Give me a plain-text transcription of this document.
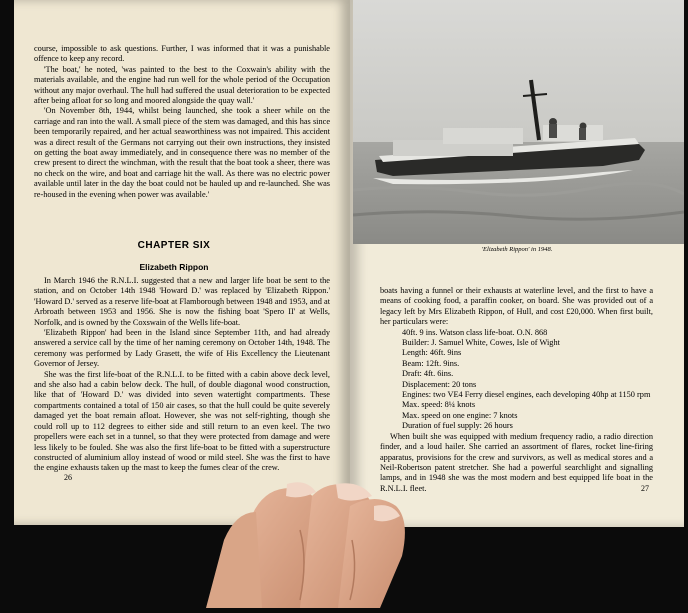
course, impossible to ask questions. Further, I was informed that it was a punishable offence to keep any record.

'The boat,' he noted, 'was painted to the best to the Coxwain's ability with the materials available, and the engine had run well for the whole period of the Occupation without any major overhaul. The hull had suffered the usual deterioration to be expected after being afloat for so long and moored alongside the quay wall.'

'On November 8th, 1944, whilst being launched, she took a sheer while on the carriage and ran into the wall. A small piece of the stem was damaged, and this has since been temporarily repaired, and her actual seaworthiness was not impaired. This accident was a direct result of the Germans not carrying out their own instructions, they insisted on getting the boat away immediately, and in consequence there was no member of the crew present to direct the winchman, with the result that the boat took a sheer, there was no check on the wire, and boat and carriage hit the wall. As there was no electric power available until later in the day the boat could not be hauled up and re-launched. She was re-housed in the evening when power was available.'

CHAPTER SIX
Elizabeth Rippon

In March 1946 the R.N.L.I. suggested that a new and larger life boat be sent to the station, and on October 14th 1948 'Howard D.' was replaced by 'Elizabeth Rippon.' 'Howard D.' served as a reserve life-boat at Flamborough between 1948 and 1953, and at Arbroath between 1953 and 1956. She is now the fishing boat 'Spero II' at Wells, Norfolk, and is owned by the Coxswain of the Wells life-boat.

'Elizabeth Rippon' had been in the Island since September 11th, and had already answered a service call by the time of her naming ceremony on October 14th, 1948. The ceremony was performed by Lady Grasett, the wife of His Excellency the Lieutenant Governor of Jersey.

She was the first life-boat of the R.N.L.I. to be fitted with a cabin above deck level, and she also had a cabin below deck. The hull, of double diagonal wood construction, like that of 'Howard D.' was divided into seven watertight compartments. These compartments contained a total of 150 air cases, so that the hull could be quite severely damaged yet the boat remain afloat. However, she was not self-righting, though she could roll up to 112 degrees to either side and still return to an even keel. The two propellers were each set in a tunnel, so that they were protected from damage and were less likely to be fouled. She was also the first life-boat to be fitted with a superstructure constructed of aluminium alloy instead of wood or mild steel. She was the first to have the engine exhausts taken up the mast to keep the fumes clear of the crew.

26
'Elizabeth Rippon' in 1948.

boats having a funnel or their exhausts at waterline level, and the first to have a means of cooking food, a paraffin cooker, on board. She was provided out of a legacy left by Mrs Elizabeth Rippon, of Hull, and cost £20,000. When first built, her particulars were:

40ft. 9 ins. Watson class life-boat. O.N. 868

Builder: J. Samuel White, Cowes, Isle of Wight

Length: 46ft. 9ins

Beam: 12ft. 9ins.

Draft: 4ft. 6ins.

Displacement: 20 tons

Engines: two VE4 Ferry diesel engines, each developing 40hp at 1150 rpm

Max. speed: 8¼ knots

Max. speed on one engine: 7 knots

Duration of fuel supply: 26 hours

When built she was equipped with medium frequency radio, a radio direction finder, and a loud hailer. She carried an assortment of flares, rocket line-firing apparatus, provisions for the crew and survivors, as well as medical stores and a Neil-Robertson patent stretcher. She had a powerful searchlight and signalling lamps, and in 1948 she was the most modern and best equipped life boat in the R.N.L.I. fleet.	27
